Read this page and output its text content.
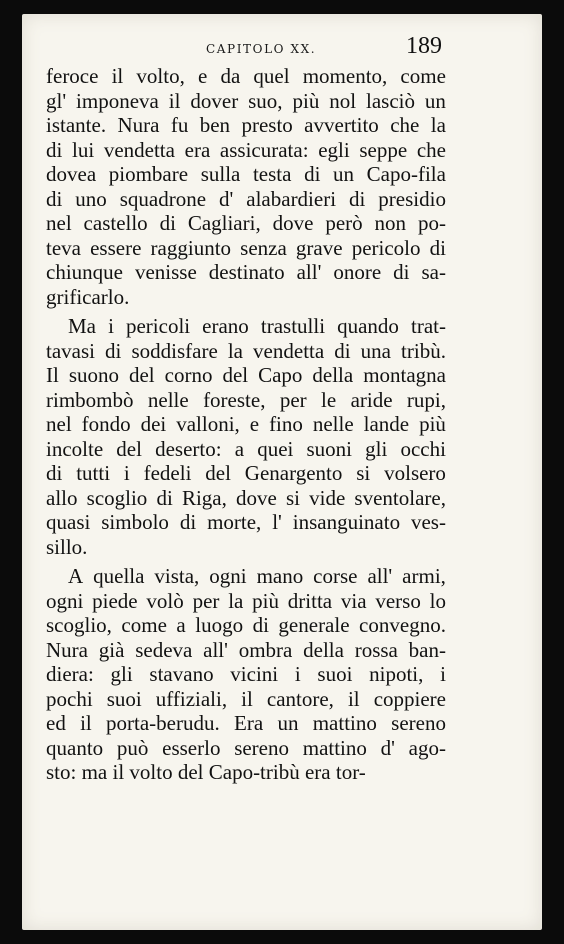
CAPITOLO XX.	189
feroce il volto, e da quel momento, come
gl' imponeva il dover suo, più nol lasciò un
istante. Nura fu ben presto avvertito che la
di lui vendetta era assicurata: egli seppe che
dovea piombare sulla testa di un Capo-fila
di uno squadrone d' alabardieri di presidio
nel castello di Cagliari, dove però non po-
teva essere raggiunto senza grave pericolo di
chiunque venisse destinato all' onore di sa-
grificarlo.
Ma i pericoli erano trastulli quando trat-
tavasi di soddisfare la vendetta di una tribù.
Il suono del corno del Capo della montagna
rimbombò nelle foreste, per le aride rupi,
nel fondo dei valloni, e fino nelle lande più
incolte del deserto: a quei suoni gli occhi
di tutti i fedeli del Genargento si volsero
allo scoglio di Riga, dove si vide sventolare,
quasi simbolo di morte, l' insanguinato ves-
sillo.
A quella vista, ogni mano corse all' armi,
ogni piede volò per la più dritta via verso lo
scoglio, come a luogo di generale convegno.
Nura già sedeva all' ombra della rossa ban-
diera: gli stavano vicini i suoi nipoti, i
pochi suoi uffiziali, il cantore, il coppiere
ed il porta-berudu. Era un mattino sereno
quanto può esserlo sereno mattino d' ago-
sto: ma il volto del Capo-tribù era tor-
